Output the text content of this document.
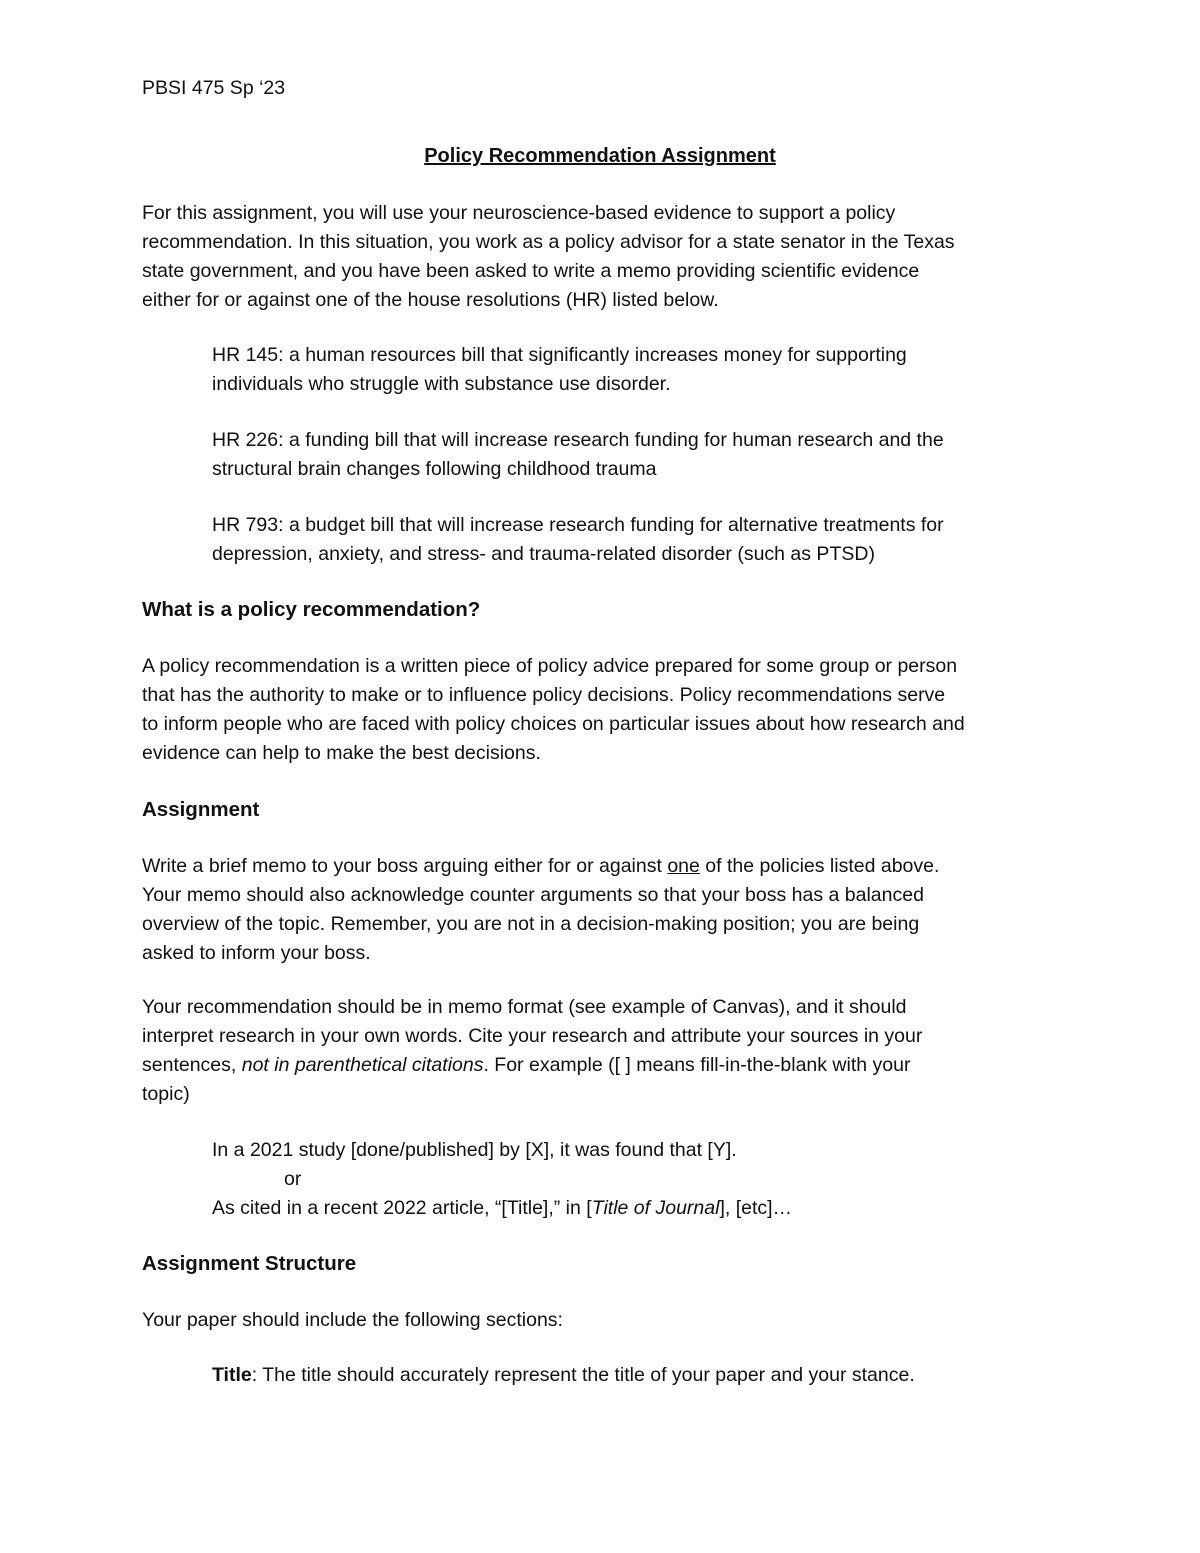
PBSI 475 Sp ‘23
Policy Recommendation Assignment
For this assignment, you will use your neuroscience-based evidence to support a policy
recommendation. In this situation, you work as a policy advisor for a state senator in the Texas
state government, and you have been asked to write a memo providing scientific evidence
either for or against one of the house resolutions (HR) listed below.
HR 145: a human resources bill that significantly increases money for supporting
individuals who struggle with substance use disorder.
HR 226: a funding bill that will increase research funding for human research and the
structural brain changes following childhood trauma
HR 793: a budget bill that will increase research funding for alternative treatments for
depression, anxiety, and stress- and trauma-related disorder (such as PTSD)
What is a policy recommendation?
A policy recommendation is a written piece of policy advice prepared for some group or person
that has the authority to make or to influence policy decisions. Policy recommendations serve
to inform people who are faced with policy choices on particular issues about how research and
evidence can help to make the best decisions.
Assignment
Write a brief memo to your boss arguing either for or against one of the policies listed above.
Your memo should also acknowledge counter arguments so that your boss has a balanced
overview of the topic. Remember, you are not in a decision-making position; you are being
asked to inform your boss.
Your recommendation should be in memo format (see example of Canvas), and it should
interpret research in your own words. Cite your research and attribute your sources in your
sentences, not in parenthetical citations. For example ([ ] means fill-in-the-blank with your
topic)
In a 2021 study [done/published] by [X], it was found that [Y].
or
As cited in a recent 2022 article, “[Title],” in [Title of Journal], [etc]…
Assignment Structure
Your paper should include the following sections:
Title: The title should accurately represent the title of your paper and your stance.
